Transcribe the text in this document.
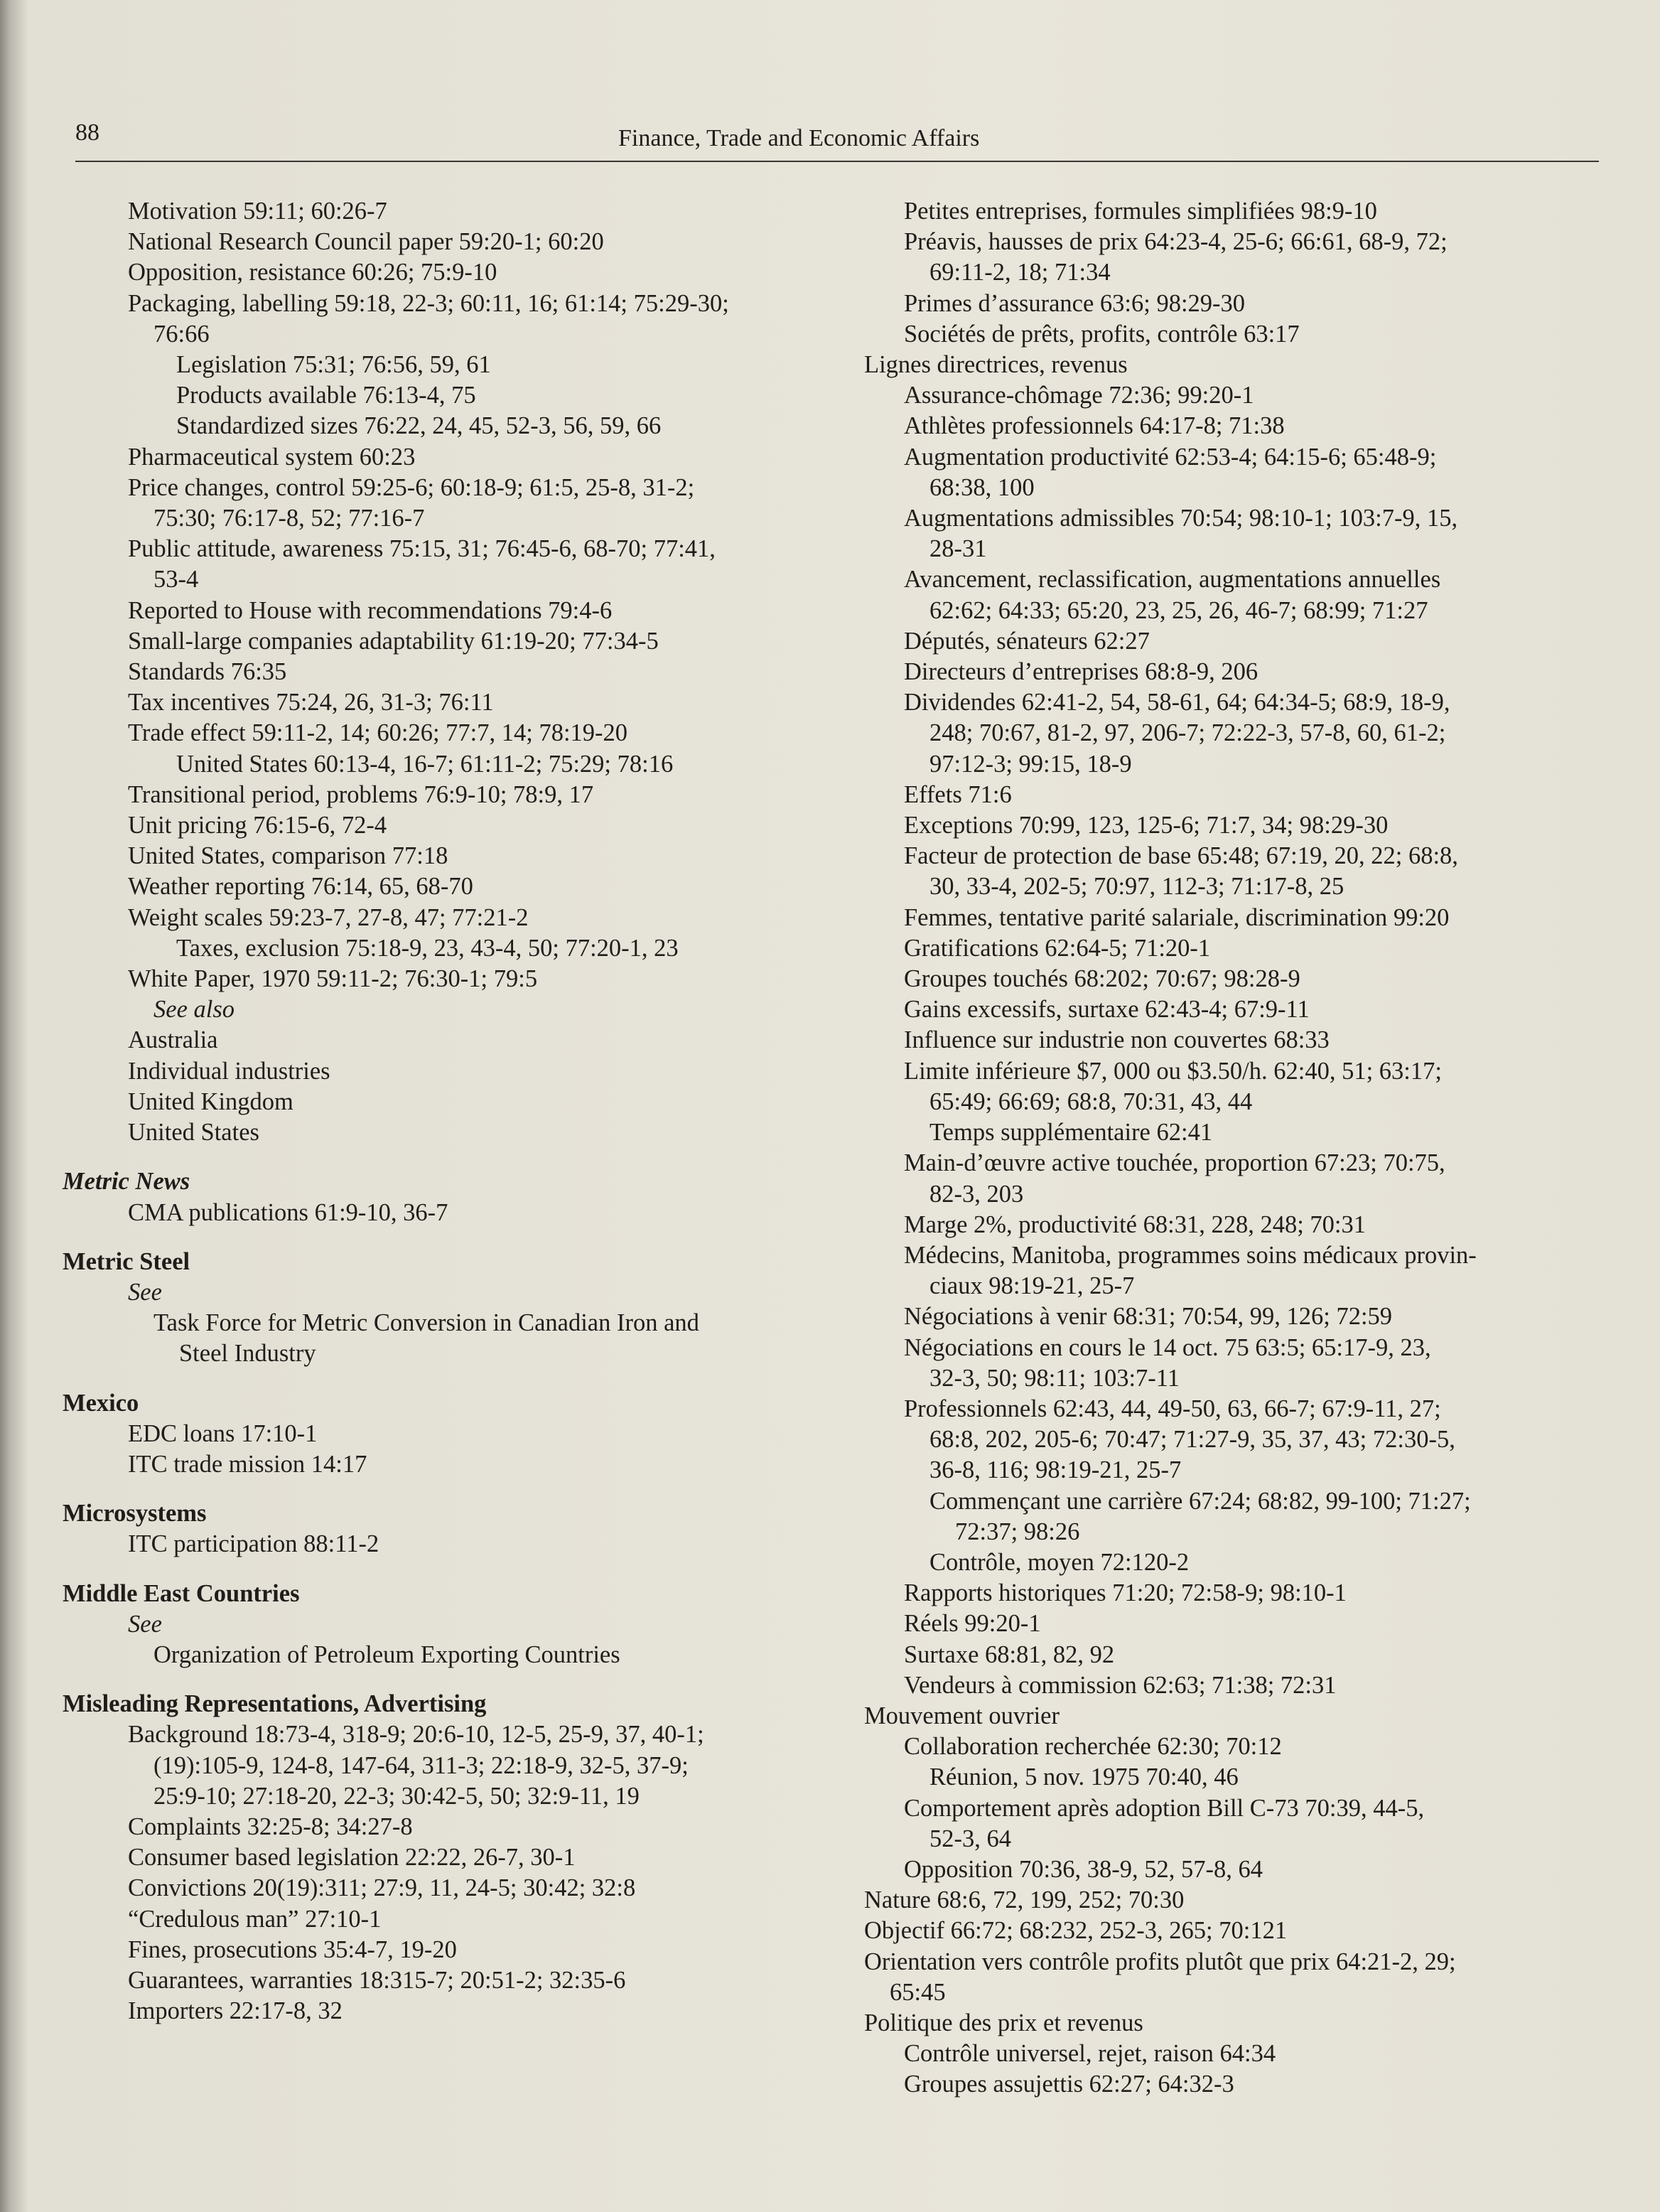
88	Finance, Trade and Economic Affairs
Motivation 59:11; 60:26-7
National Research Council paper 59:20-1; 60:20
Opposition, resistance 60:26; 75:9-10
Packaging, labelling 59:18, 22-3; 60:11, 16; 61:14; 75:29-30;
76:66
Legislation 75:31; 76:56, 59, 61
Products available 76:13-4, 75
Standardized sizes 76:22, 24, 45, 52-3, 56, 59, 66
Pharmaceutical system 60:23
Price changes, control 59:25-6; 60:18-9; 61:5, 25-8, 31-2;
75:30; 76:17-8, 52; 77:16-7
Public attitude, awareness 75:15, 31; 76:45-6, 68-70; 77:41,
53-4
Reported to House with recommendations 79:4-6
Small-large companies adaptability 61:19-20; 77:34-5
Standards 76:35
Tax incentives 75:24, 26, 31-3; 76:11
Trade effect 59:11-2, 14; 60:26; 77:7, 14; 78:19-20
United States 60:13-4, 16-7; 61:11-2; 75:29; 78:16
Transitional period, problems 76:9-10; 78:9, 17
Unit pricing 76:15-6, 72-4
United States, comparison 77:18
Weather reporting 76:14, 65, 68-70
Weight scales 59:23-7, 27-8, 47; 77:21-2
Taxes, exclusion 75:18-9, 23, 43-4, 50; 77:20-1, 23
White Paper, 1970 59:11-2; 76:30-1; 79:5
See also
Australia
Individual industries
United Kingdom
United States
Metric News
CMA publications 61:9-10, 36-7
Metric Steel
See
Task Force for Metric Conversion in Canadian Iron and
Steel Industry
Mexico
EDC loans 17:10-1
ITC trade mission 14:17
Microsystems
ITC participation 88:11-2
Middle East Countries
See
Organization of Petroleum Exporting Countries
Misleading Representations, Advertising
Background 18:73-4, 318-9; 20:6-10, 12-5, 25-9, 37, 40-1;
(19):105-9, 124-8, 147-64, 311-3; 22:18-9, 32-5, 37-9;
25:9-10; 27:18-20, 22-3; 30:42-5, 50; 32:9-11, 19
Complaints 32:25-8; 34:27-8
Consumer based legislation 22:22, 26-7, 30-1
Convictions 20(19):311; 27:9, 11, 24-5; 30:42; 32:8
“Credulous man” 27:10-1
Fines, prosecutions 35:4-7, 19-20
Guarantees, warranties 18:315-7; 20:51-2; 32:35-6
Importers 22:17-8, 32
Petites entreprises, formules simplifiées 98:9-10
Préavis, hausses de prix 64:23-4, 25-6; 66:61, 68-9, 72;
69:11-2, 18; 71:34
Primes d’assurance 63:6; 98:29-30
Sociétés de prêts, profits, contrôle 63:17
Lignes directrices, revenus
Assurance-chômage 72:36; 99:20-1
Athlètes professionnels 64:17-8; 71:38
Augmentation productivité 62:53-4; 64:15-6; 65:48-9;
68:38, 100
Augmentations admissibles 70:54; 98:10-1; 103:7-9, 15,
28-31
Avancement, reclassification, augmentations annuelles
62:62; 64:33; 65:20, 23, 25, 26, 46-7; 68:99; 71:27
Députés, sénateurs 62:27
Directeurs d’entreprises 68:8-9, 206
Dividendes 62:41-2, 54, 58-61, 64; 64:34-5; 68:9, 18-9,
248; 70:67, 81-2, 97, 206-7; 72:22-3, 57-8, 60, 61-2;
97:12-3; 99:15, 18-9
Effets 71:6
Exceptions 70:99, 123, 125-6; 71:7, 34; 98:29-30
Facteur de protection de base 65:48; 67:19, 20, 22; 68:8,
30, 33-4, 202-5; 70:97, 112-3; 71:17-8, 25
Femmes, tentative parité salariale, discrimination 99:20
Gratifications 62:64-5; 71:20-1
Groupes touchés 68:202; 70:67; 98:28-9
Gains excessifs, surtaxe 62:43-4; 67:9-11
Influence sur industrie non couvertes 68:33
Limite inférieure $7, 000 ou $3.50/h. 62:40, 51; 63:17;
65:49; 66:69; 68:8, 70:31, 43, 44
Temps supplémentaire 62:41
Main-d’œuvre active touchée, proportion 67:23; 70:75,
82-3, 203
Marge 2%, productivité 68:31, 228, 248; 70:31
Médecins, Manitoba, programmes soins médicaux provin-
ciaux 98:19-21, 25-7
Négociations à venir 68:31; 70:54, 99, 126; 72:59
Négociations en cours le 14 oct. 75 63:5; 65:17-9, 23,
32-3, 50; 98:11; 103:7-11
Professionnels 62:43, 44, 49-50, 63, 66-7; 67:9-11, 27;
68:8, 202, 205-6; 70:47; 71:27-9, 35, 37, 43; 72:30-5,
36-8, 116; 98:19-21, 25-7
Commençant une carrière 67:24; 68:82, 99-100; 71:27;
72:37; 98:26
Contrôle, moyen 72:120-2
Rapports historiques 71:20; 72:58-9; 98:10-1
Réels 99:20-1
Surtaxe 68:81, 82, 92
Vendeurs à commission 62:63; 71:38; 72:31
Mouvement ouvrier
Collaboration recherchée 62:30; 70:12
Réunion, 5 nov. 1975 70:40, 46
Comportement après adoption Bill C-73 70:39, 44-5,
52-3, 64
Opposition 70:36, 38-9, 52, 57-8, 64
Nature 68:6, 72, 199, 252; 70:30
Objectif 66:72; 68:232, 252-3, 265; 70:121
Orientation vers contrôle profits plutôt que prix 64:21-2, 29;
65:45
Politique des prix et revenus
Contrôle universel, rejet, raison 64:34
Groupes assujettis 62:27; 64:32-3
